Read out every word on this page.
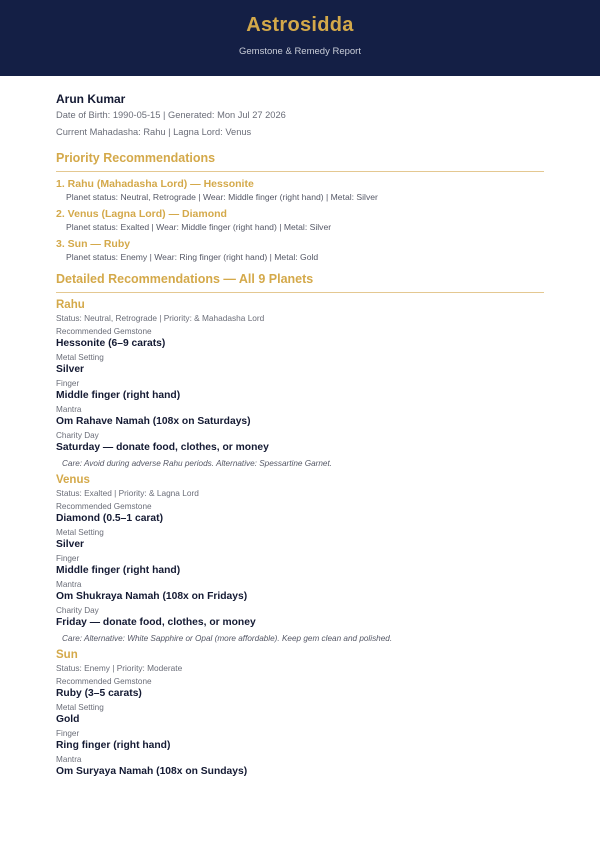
Astrosidda
Gemstone & Remedy Report
Arun Kumar
Date of Birth: 1990-05-15 | Generated: Mon Jul 27 2026
Current Mahadasha: Rahu | Lagna Lord: Venus
Priority Recommendations
1. Rahu (Mahadasha Lord) — Hessonite
Planet status: Neutral, Retrograde | Wear: Middle finger (right hand) | Metal: Silver
2. Venus (Lagna Lord) — Diamond
Planet status: Exalted | Wear: Middle finger (right hand) | Metal: Silver
3. Sun — Ruby
Planet status: Enemy | Wear: Ring finger (right hand) | Metal: Gold
Detailed Recommendations — All 9 Planets
Rahu
Status: Neutral, Retrograde | Priority: & Mahadasha Lord
Recommended Gemstone
Hessonite (6–9 carats)
Metal Setting
Silver
Finger
Middle finger (right hand)
Mantra
Om Rahave Namah (108x on Saturdays)
Charity Day
Saturday — donate food, clothes, or money
Care: Avoid during adverse Rahu periods. Alternative: Spessartine Garnet.
Venus
Status: Exalted | Priority: & Lagna Lord
Recommended Gemstone
Diamond (0.5–1 carat)
Metal Setting
Silver
Finger
Middle finger (right hand)
Mantra
Om Shukraya Namah (108x on Fridays)
Charity Day
Friday — donate food, clothes, or money
Care: Alternative: White Sapphire or Opal (more affordable). Keep gem clean and polished.
Sun
Status: Enemy | Priority: Moderate
Recommended Gemstone
Ruby (3–5 carats)
Metal Setting
Gold
Finger
Ring finger (right hand)
Mantra
Om Suryaya Namah (108x on Sundays)
